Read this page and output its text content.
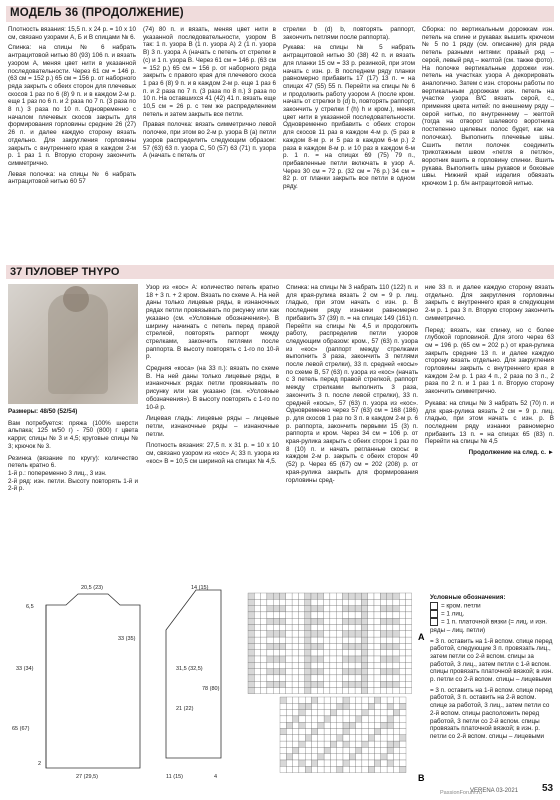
МОДЕЛЬ 36 (ПРОДОЛЖЕНИЕ)

Плотность вязания: 15,5 п. х 24 р. = 10 х 10 см, связано узорами А, Б и В спицами № 6.

Спинка: на спицы № 6 набрать антрацитовой нитью 80 (93) 106 п. и вязать узором А, меняя цвет нити в указанной последовательности. Через 61 см = 146 р. (63 см = 152 р.) 65 см = 156 р. от наборного ряда закрыть с обеих сторон для плечевых скосов 1 раз по 6 (8) 9 п. и в каждом 2-м р. еще 1 раз по 6 п. и 2 раза по 7 п. (3 раза по 8 п.) 3 раза по 10 п. Одновременно с началом плечевых скосов закрыть для формирования горловины средние 26 (27) 26 п. и далее каждую сторону вязать отдельно. Для закругления горловины закрыть с внутреннего края в каждом 2-м р. 1 раз 1 п. Вторую сторону закончить симметрично.

Левая полочка: на спицы № 6 набрать антрацитовой нитью 60 57

(74) 80 п. и вязать, меняя цвет нити в указанной последовательности, узором В так: 1 п. узора В (1 п. узора А) 2 (1 п. узора В) 3 п. узора А (начать с петель от стрелки в (с) и 1 п. узора В. Через 61 см = 146 р. (63 см = 152 р.) 65 см = 156 р. от наборного ряда закрыть с правого края для плечевого скоса 1 раз 6 (8) 9 п. и в каждом 2-м р. еще 1 раз 6 п. и 2 раза по 7 п. (3 раза по 8 п.) 3 раза по 10 п. На оставшихся 41 (42) 41 п. вязать еще 10,5 см = 26 р. с тем же распределением петель и затем закрыть все петли.

Правая полочка: вязать симметрично левой полочке, при этом во 2-м р. узора В (а) петли узоров распределить следующим образом: 57 (63) 63 п. узора С, 50 (57) 63 (71) п. узора А (начать с петель от

стрелки b (d) b, повторять раппорт, закончить петлями после раппорта).

Рукава: на спицы № 5 набрать антрацитовой нитью 30 (38) 42 п. и вязать для планки 15 см = 33 р. резинкой, при этом начать с изн. р. В последнем ряду планки равномерно прибавить 17 (17) 13 п. = на спицах 47 (55) 55 п. Перейти на спицы № 6 и продолжить работу узором А (после кром. начать от стрелки b (d) b, повторять раппорт, закончить у стрелки f (h) h и кром.), меняя цвет нити в указанной последовательности. Одновременно прибавить с обеих сторон для скосов 11 раз в каждом 4-м р. (5 раз в каждом 8-м р. и 5 раз в каждом 6-м р.) 2 раза в каждом 8-м р. и 10 раз в каждом 6-м р. 1 п. = на спицах 69 (75) 79 п., прибавленные петли включать в узор А. Через 30 см = 72 р. (32 см = 76 р.) 34 см = 82 р. от планки закрыть все петли в одном ряду.

Сборка: по вертикальным дорожкам изн. петель на спине и рукавах вышить крючком № 5 по 1 ряду (см. описание) для ряда петель разными нитями: правый ряд – серой, левый ряд – желтой (см. также фото). На полочке вертикальные дорожки изн. петель на участках узора А декорировать аналогично. Затем с изн. стороны работы по вертикальным дорожкам изн. петель на участке узора В/С вязать серой, с., применяя цвета нитей: по внешнему ряду – серой нитью, по внутреннему – желтой (тогда на отворот шалевого воротника постепенно щелевых полос будет, как на полочках). Выполнить плечевые швы. Сшить петли полочек соединить трикотажным швом «петля в петлю», воротник вшить в горловину спинки. Вшить рукава. Выполнить швы рукавов и боковые швы. Нижний край изделия обвязать крючком 1 р. б/н антрацитовой нитью.

37 ПУЛОВЕР THYPO

Размеры: 48/50 (52/54)

Вам потребуется: пряжа (100% шерсти альпака; 125 м/50 г) - 750 (800) г цвета карри; спицы № 3 и 4,5; круговые спицы № 3; крючок № 3.

Резинка (вязание по кругу): количество петель кратно 6.

1-й р.: попеременно 3 лиц., 3 изн.

2-й ряд: изн. петли. Высоту повторять 1-й и 2-й р.

Узор из «кос» А: количество петель кратно 18 + 3 п. + 2 кром. Вязать по схеме А. На ней даны только лицевые ряды, в изнаночных рядах петли провязывать по рисунку или как указано (см. «Условные обозначения»). В ширину начинать с петель перед правой стрелкой, повторять раппорт между стрелками, закончить петлями после раппорта. В высоту повторять с 1-го по 10-й р.

Средняя «коса» (на 33 п.): вязать по схеме В. На ней даны только лицевые ряды, в изнаночных рядах петли провязывать по рисунку или как указано (см. «Условные обозначения»). В высоту повторять с 1-го по 10-й р.

Лицевая гладь: лицевые ряды – лицевые петли, изнаночные ряды – изнаночные петли.

Плотность вязания: 27,5 п. х 31 р. = 10 х 10 см, связано узором из «кос» А; 33 п. узора из «кос» В = 10,5 см шириной на спицах № 4,5.

Спинка: на спицы № 3 набрать 110 (122) п. и для края-рулика вязать 2 см = 9 р. лиц. гладью, при этом начать с изн. р. В последнем ряду изнанки равномерно прибавить 37 (39) п. = на спицах 149 (161) п. Перейти на спицы № 4,5 и продолжить работу, распределив петли узоров следующим образом: кром., 57 (63) п. узора из «кос» (раппорт между стрелками выполнить 3 раза, закончить 3 петлями после левой стрелки), 33 п. средней «косы» по схеме В, 57 (63) п. узора из «кос» (начать с 3 петель перед правой стрелкой, раппорт между стрелками выполнить 3 раза, закончить 3 п. после левой стрелки), 33 п. средней «косы», 57 (63) п. узора из «кос». Одновременно через 57 (63) см = 168 (186) р. для скосов 1 раз по 3 п. в каждом 2-м р. 6 р. раппорта, закончить первыми 15 (3) п. раппорта и кром. Через 34 см = 106 р. от края-рулика закрыть с обеих сторон 1 раз по 8 (10) п. и начать регланные скосы: в каждом 2-м р. закрыть с обеих сторон 49 (52) р. Через 65 (67) см = 202 (208) р. от края-рулика закрыть для формирования горловины сред-

ние 33 п. и далее каждую сторону вязать отдельно. Для закругления горловины закрыть с внутреннего края в следующем 2-м р. 1 раз 3 п. Вторую сторону закончить симметрично.

Перед: вязать, как спинку, но с более глубокой горловиной. Для этого через 63 см = 196 р. (65 см = 202 р.) от края-рулика закрыть средние 13 п. и далее каждую сторону вязать отдельно. Для закругления горловины закрыть с внутреннего края в каждом 2-м р. 1 раз 4 п., 2 раза по 3 п., 2 раза по 2 п. и 1 раз 1 п. Вторую сторону закончить симметрично.

Рукава: на спицы № 3 набрать 52 (70) п. и для края-рулика вязать 2 см = 9 р. лиц. гладью, при этом начать с изн. р. В последнем ряду изнанки равномерно прибавить 13 п. = на спицах 65 (83) п. Перейти на спицы № 4,5

Продолжение на след. с. ►

20,5 (23)
6,5
33 (35)
33 (34)
65 (67)
2
27 (29,5)
14 (15)
31,5 (32,5)
21 (22)
78 (80)
11 (15)	4
А
В

Условные обозначения:

= кром. петли

= 1 лиц.

= 1 п. платочной вязки (= лиц. и изн. ряды – лиц. петли)

= 3 п. оставить на 1-й вспом. спице перед работой, следующие 3 п. провязать лиц., затем петли со 2-й вспом. спицы за работой, 3 лиц., затем петли с 1-й вспом. спицы провязать платочной вязкой; в изн. р. петли со 2-й вспом. спицы – лицевыми

= 3 п. оставить на 1-й вспом. спице перед работой, 3 п. оставить на 2-й вспом. спице за работой, 3 лиц., затем петли со 2-й вспом. спицы расположить перед работой, 3 петли со 2-й вспом. спицы провязать платочной вязкой; в изн. р. петли со 2-й вспом. спицы – лицевыми

VERENA 03-2021 53
PassionForum.ru
